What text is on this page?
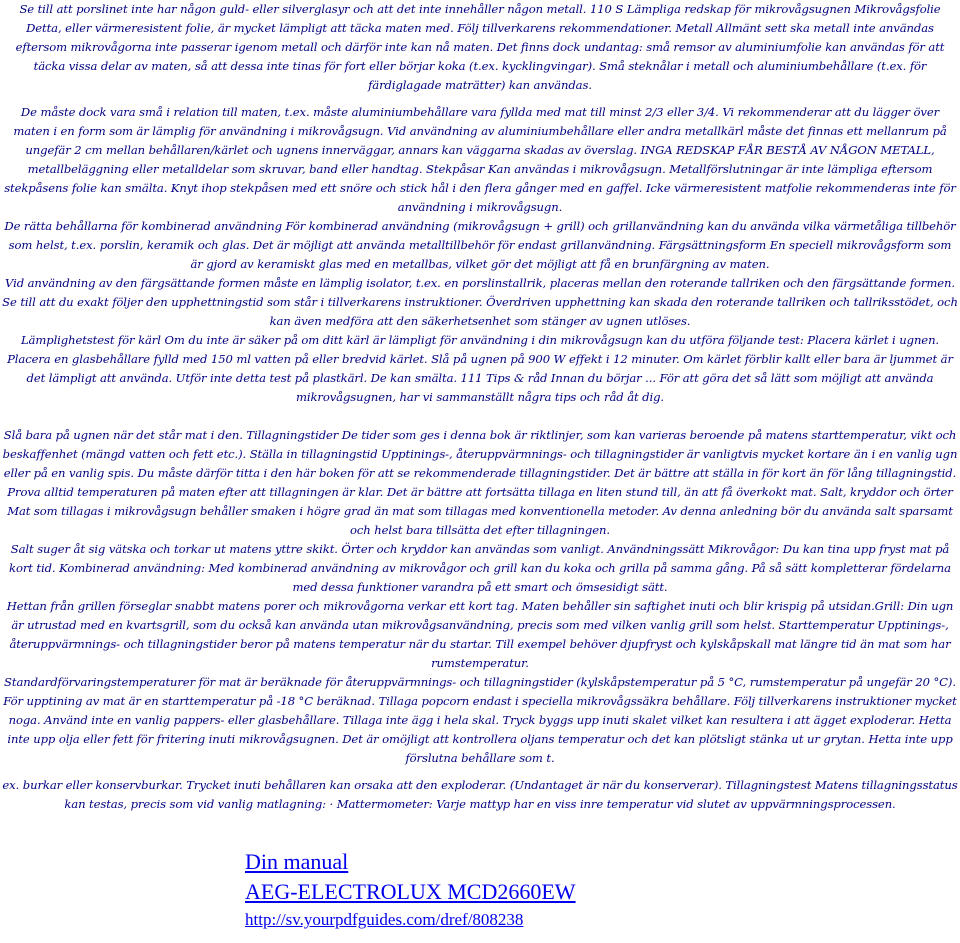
Se till att porslinet inte har någon guld- eller silverglasyr och att det inte innehåller någon metall. 110 S Lämpliga redskap för mikrovågsugnen Mikrovågsfolie Detta, eller värmeresistent folie, är mycket lämpligt att täcka maten med. Följ tillverkarens rekommendationer. Metall Allmänt sett ska metall inte användas eftersom mikrovågorna inte passerar igenom metall och därför inte kan nå maten. Det finns dock undantag: små remsor av aluminiumfolie kan användas för att täcka vissa delar av maten, så att dessa inte tinas för fort eller börjar koka (t.ex. kycklingvingar). Små steknålar i metall och aluminiumbehållare (t.ex. för färdiglagade maträtter) kan användas.

De måste dock vara små i relation till maten, t.ex. måste aluminiumbehållare vara fyllda med mat till minst 2/3 eller 3/4. Vi rekommenderar att du lägger över maten i en form som är lämplig för användning i mikrovågsugn. Vid användning av aluminiumbehållare eller andra metallkärl måste det finnas ett mellanrum på ungefär 2 cm mellan behållaren/kärlet och ugnens innerväggar, annars kan väggarna skadas av överslag. INGA REDSKAP FÅR BESTÅ AV NÅGON METALL, metallbeläggning eller metalldelar som skruvar, band eller handtag. Stekpåsar Kan användas i mikrovågsugn. Metallförslutningar är inte lämpliga eftersom stekpåsens folie kan smälta. Knyt ihop stekpåsen med ett snöre och stick hål i den flera gånger med en gaffel. Icke värmeresistent matfolie rekommenderas inte för användning i mikrovågsugn.

De rätta behållarna för kombinerad användning För kombinerad användning (mikrovågsugn + grill) och grillanvändning kan du använda vilka värmetåliga tillbehör som helst, t.ex. porslin, keramik och glas. Det är möjligt att använda metalltillbehör för endast grillanvändning. Färgsättningsform En speciell mikrovågsform som är gjord av keramiskt glas med en metallbas, vilket gör det möjligt att få en brunfärgning av maten.

Vid användning av den färgsättande formen måste en lämplig isolator, t.ex. en porslinstallrik, placeras mellan den roterande tallriken och den färgsättande formen. Se till att du exakt följer den upphettningstid som står i tillverkarens instruktioner. Överdriven upphettning kan skada den roterande tallriken och tallriksstödet, och kan även medföra att den säkerhetsenhet som stänger av ugnen utlöses.

Lämplighetstest för kärl Om du inte är säker på om ditt kärl är lämpligt för användning i din mikrovågsugn kan du utföra följande test: Placera kärlet i ugnen. Placera en glasbehållare fylld med 150 ml vatten på eller bredvid kärlet. Slå på ugnen på 900 W effekt i 12 minuter. Om kärlet förblir kallt eller bara är ljummet är det lämpligt att använda. Utför inte detta test på plastkärl. De kan smälta. 111 Tips & råd Innan du börjar ... För att göra det så lätt som möjligt att använda mikrovågsugnen, har vi sammanställt några tips och råd åt dig.

Slå bara på ugnen när det står mat i den. Tillagningstider De tider som ges i denna bok är riktlinjer, som kan varieras beroende på matens starttemperatur, vikt och beskaffenhet (mängd vatten och fett etc.). Ställa in tillagningstid Upptinings-, återuppvärmnings- och tillagningstider är vanligtvis mycket kortare än i en vanlig ugn eller på en vanlig spis. Du måste därför titta i den här boken för att se rekommenderade tillagningstider. Det är bättre att ställa in för kort än för lång tillagningstid. Prova alltid temperaturen på maten efter att tillagningen är klar. Det är bättre att fortsätta tillaga en liten stund till, än att få överkokt mat. Salt, kryddor och örter Mat som tillagas i mikrovågsugn behåller smaken i högre grad än mat som tillagas med konventionella metoder. Av denna anledning bör du använda salt sparsamt och helst bara tillsätta det efter tillagningen.

Salt suger åt sig vätska och torkar ut matens yttre skikt. Örter och kryddor kan användas som vanligt. Användningssätt Mikrovågor: Du kan tina upp fryst mat på kort tid. Kombinerad användning: Med kombinerad användning av mikrovågor och grill kan du koka och grilla på samma gång. På så sätt kompletterar fördelarna med dessa funktioner varandra på ett smart och ömsesidigt sätt.

Hettan från grillen förseglar snabbt matens porer och mikrovågorna verkar ett kort tag. Maten behåller sin saftighet inuti och blir krispig på utsidan.Grill: Din ugn är utrustad med en kvartsgrill, som du också kan använda utan mikrovågsanvändning, precis som med vilken vanlig grill som helst. Starttemperatur Upptinings-, återuppvärmnings- och tillagningstider beror på matens temperatur när du startar. Till exempel behöver djupfryst och kylskåpskall mat längre tid än mat som har rumstemperatur.

Standardförvaringstemperaturer för mat är beräknade för återuppvärmnings- och tillagningstider (kylskåpstemperatur på 5 °C, rumstemperatur på ungefär 20 °C). För upptining av mat är en starttemperatur på -18 °C beräknad. Tillaga popcorn endast i speciella mikrovågssäkra behållare. Följ tillverkarens instruktioner mycket noga. Använd inte en vanlig pappers- eller glasbehållare. Tillaga inte ägg i hela skal. Tryck byggs upp inuti skalet vilket kan resultera i att ägget exploderar. Hetta inte upp olja eller fett för fritering inuti mikrovågsugnen. Det är omöjligt att kontrollera oljans temperatur och det kan plötsligt stänka ut ur grytan. Hetta inte upp förslutna behållare som t.

ex. burkar eller konservburkar. Trycket inuti behållaren kan orsaka att den exploderar. (Undantaget är när du konserverar). Tillagningstest Matens tillagningsstatus kan testas, precis som vid vanlig matlagning: · Mattermometer: Varje mattyp har en viss inre temperatur vid slutet av uppvärmningsprocessen.

Din manual
AEG-ELECTROLUX MCD2660EW
http://sv.yourpdfguides.com/dref/808238
